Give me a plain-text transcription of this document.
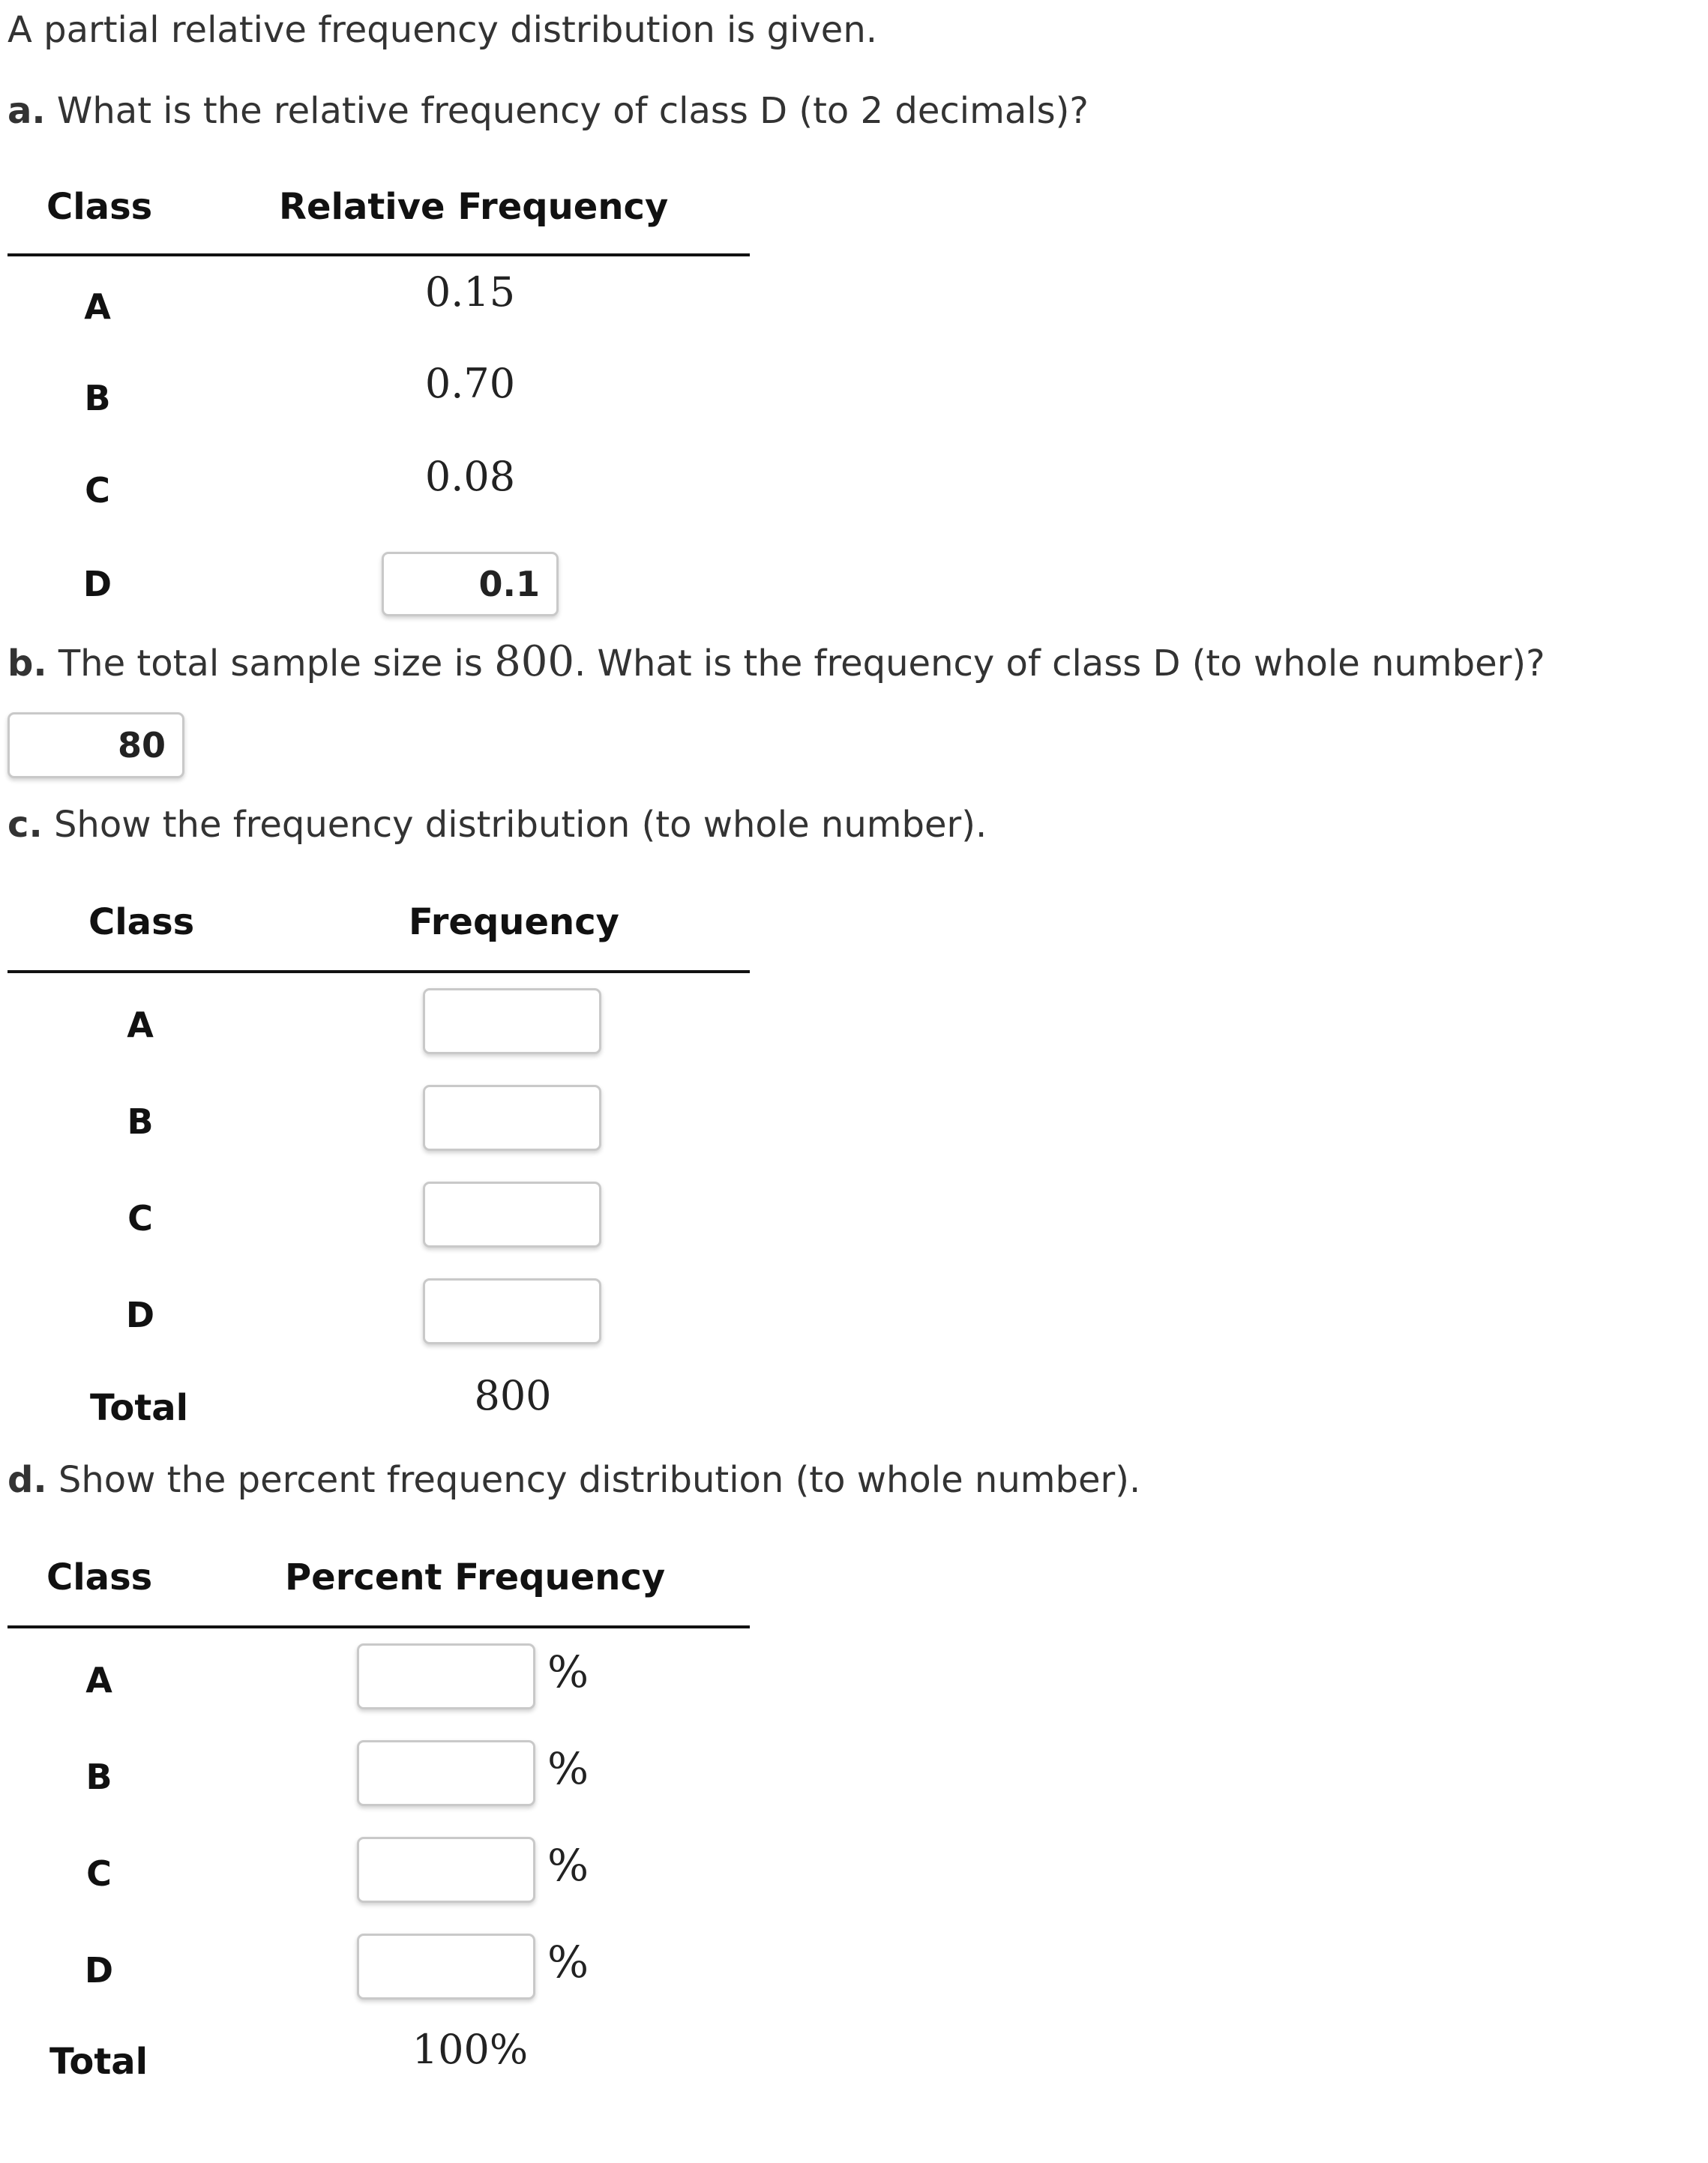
A partial relative frequency distribution is given.
a. What is the relative frequency of class D (to 2 decimals)?
Class	Relative Frequency
A	0.15
B	0.70
C	0.08
D	0.1
b. The total sample size is 800. What is the frequency of class D (to whole number)?
80
c. Show the frequency distribution (to whole number).
Class	Frequency
A
B
C
D
Total	800
d. Show the percent frequency distribution (to whole number).
Class	Percent Frequency
A	%
B	%
C	%
D	%
Total	100%
